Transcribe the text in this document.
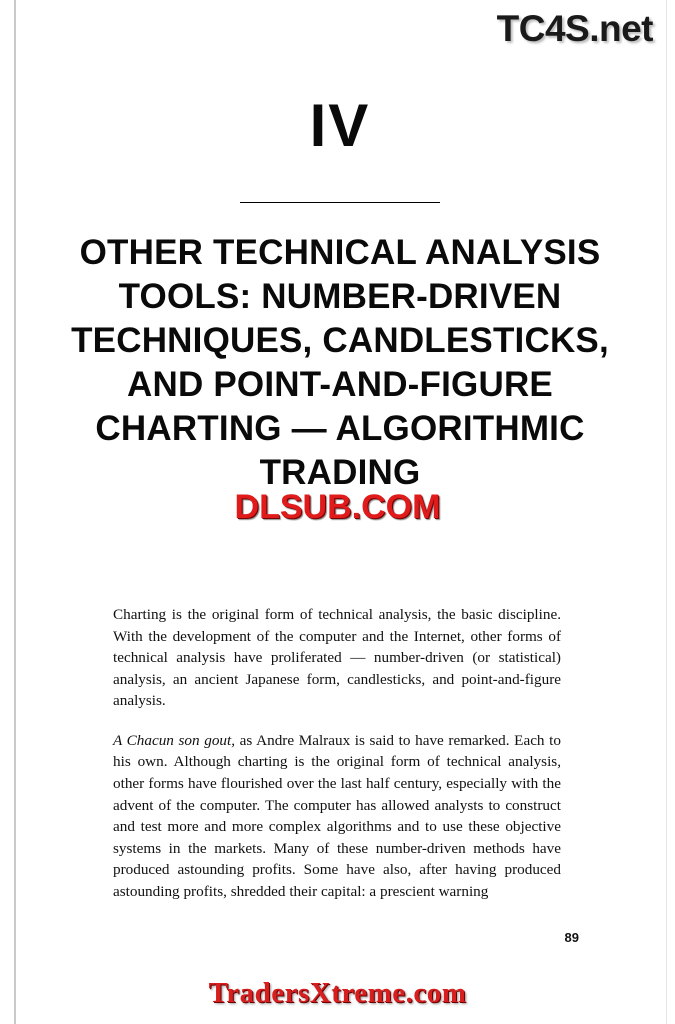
TC4S.net
IV
OTHER TECHNICAL ANALYSIS TOOLS: NUMBER-DRIVEN TECHNIQUES, CANDLESTICKS, AND POINT-AND-FIGURE CHARTING — ALGORITHMIC TRADING
DLSUB.COM

Charting is the original form of technical analysis, the basic discipline. With the development of the computer and the Internet, other forms of technical analysis have proliferated — number-driven (or statistical) analysis, an ancient Japanese form, candlesticks, and point-and-figure analysis.

A Chacun son gout, as Andre Malraux is said to have remarked. Each to his own. Although charting is the original form of technical analysis, other forms have flourished over the last half century, especially with the advent of the computer. The computer has allowed analysts to construct and test more and more complex algorithms and to use these objective systems in the markets. Many of these number-driven methods have produced astounding profits. Some have also, after having produced astounding profits, shredded their capital: a prescient warning

89
TradersXtreme.com
